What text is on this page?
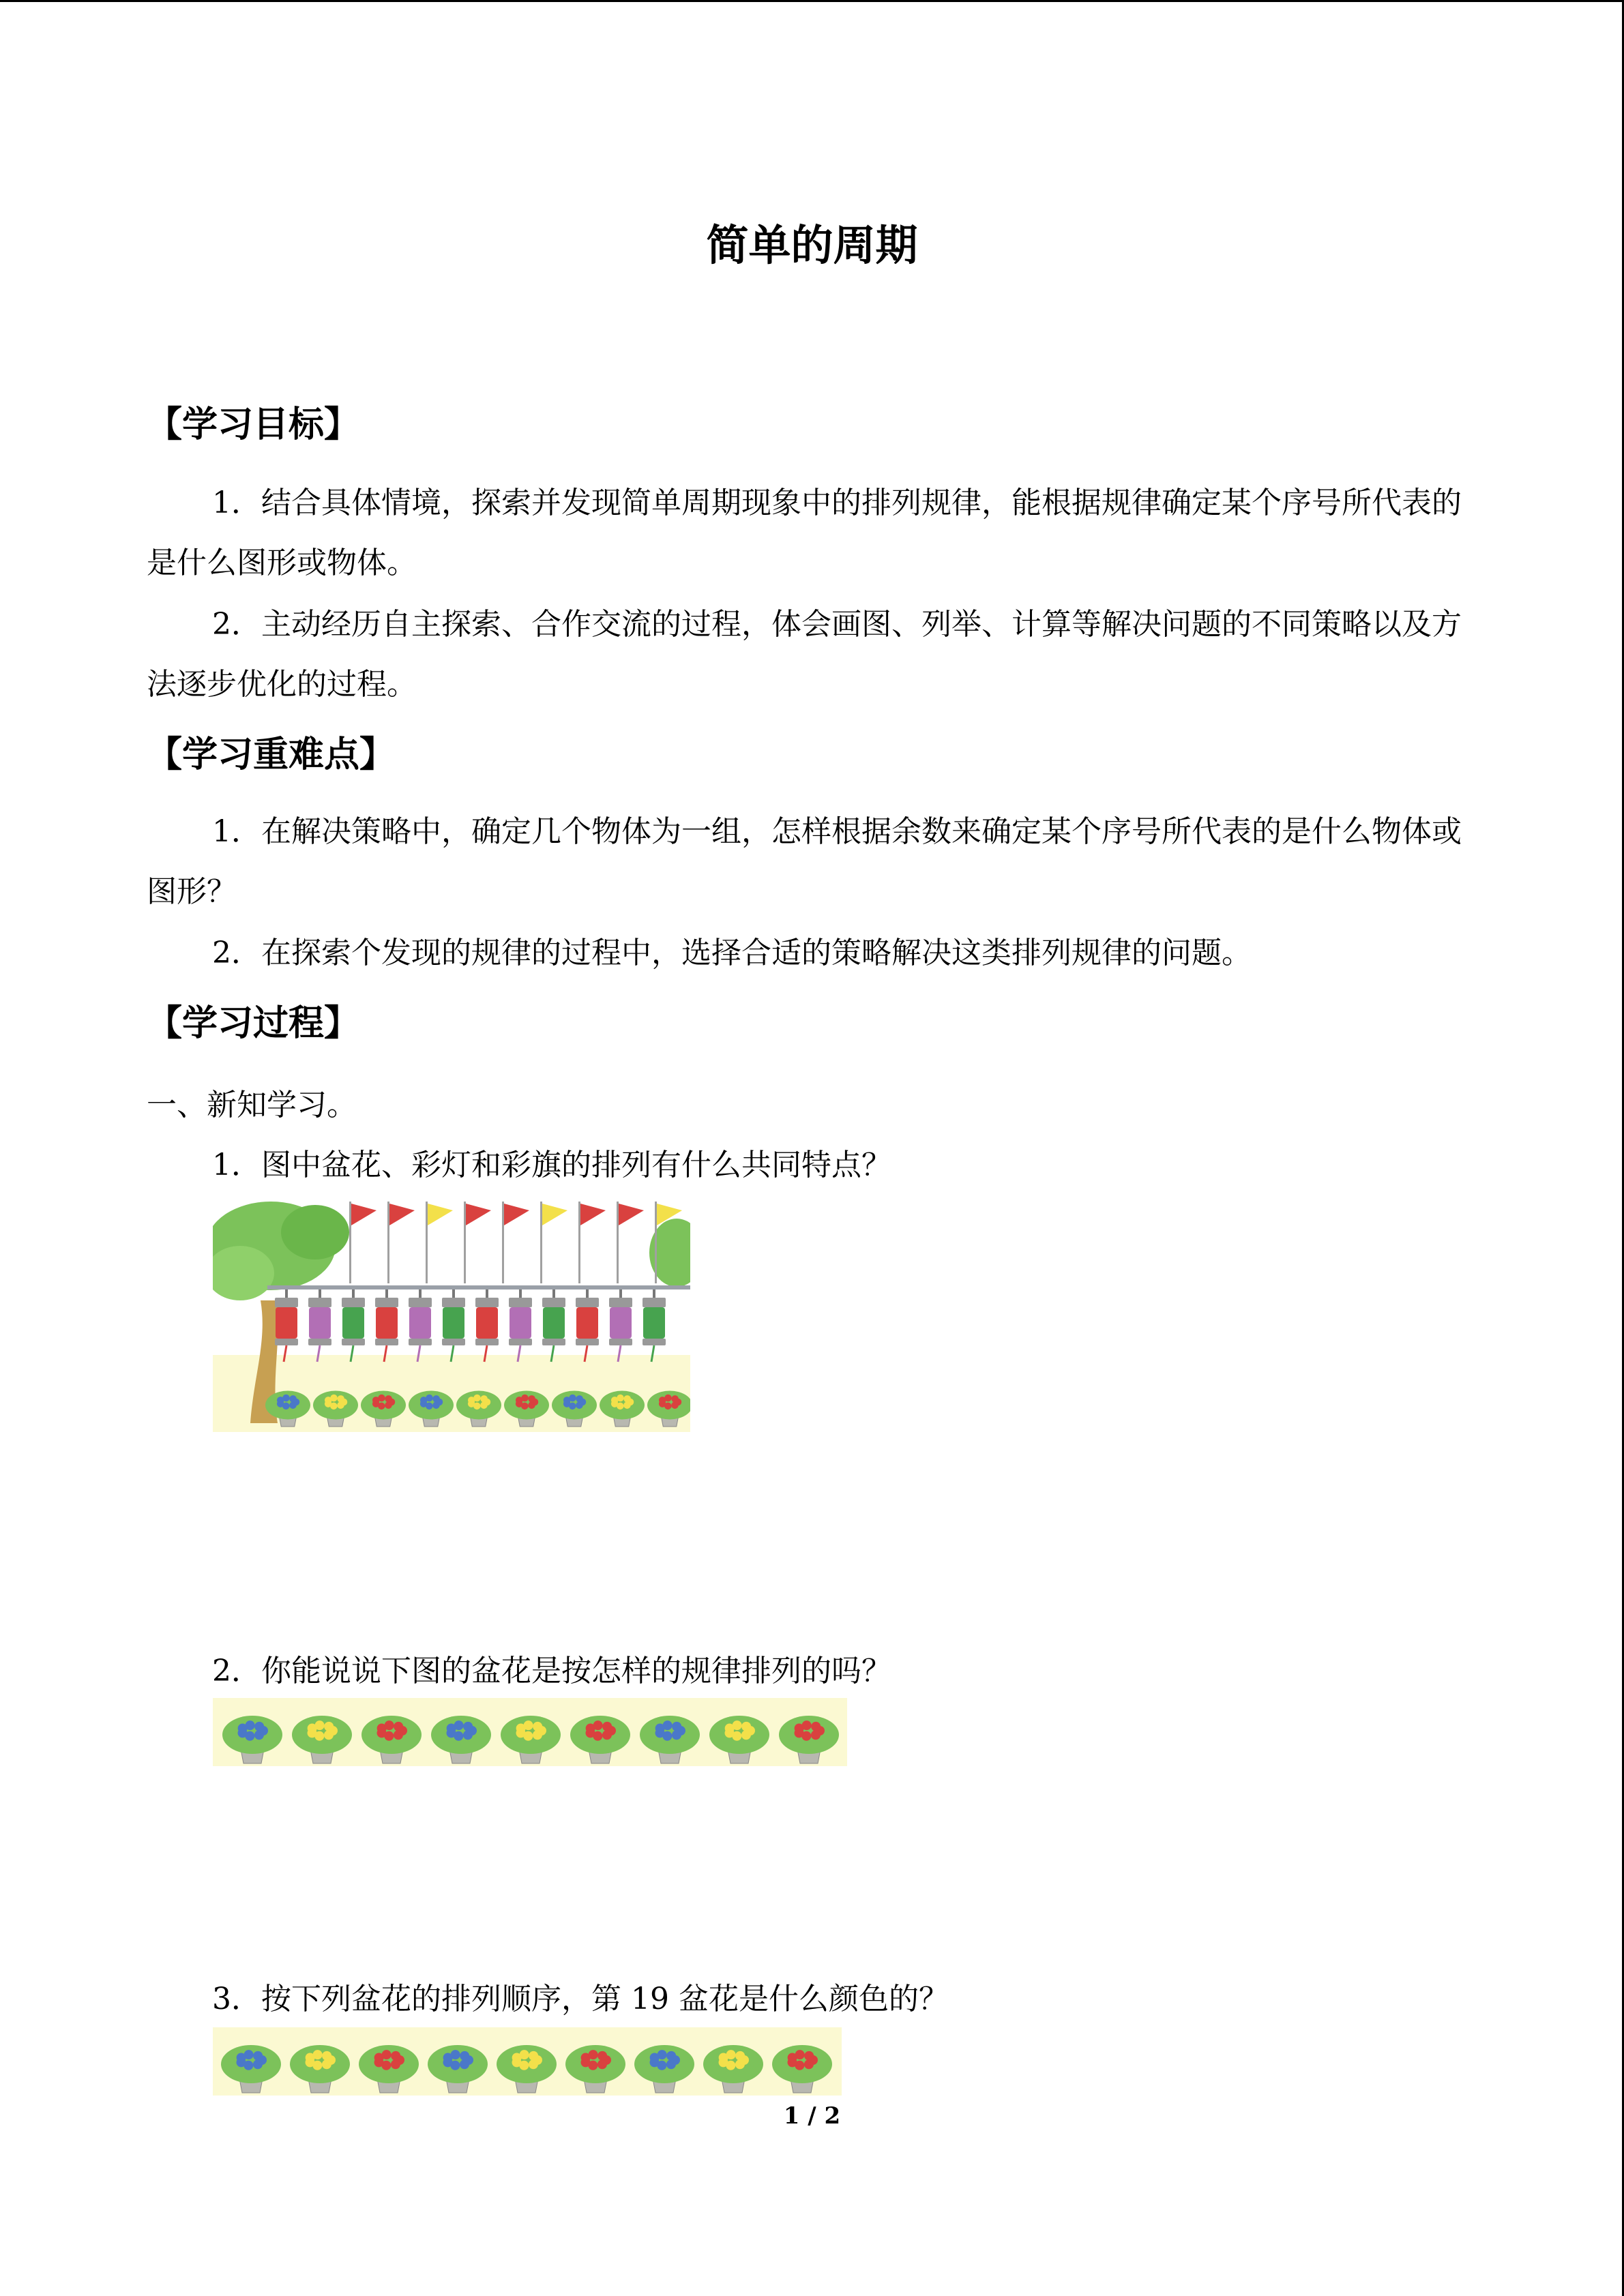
简单的周期
【学习目标】
1．结合具体情境，探索并发现简单周期现象中的排列规律，能根据规律确定某个序号所代表的是什么图形或物体。
2．主动经历自主探索、合作交流的过程，体会画图、列举、计算等解决问题的不同策略以及方法逐步优化的过程。
【学习重难点】
1．在解决策略中，确定几个物体为一组，怎样根据余数来确定某个序号所代表的是什么物体或图形？
2．在探索个发现的规律的过程中，选择合适的策略解决这类排列规律的问题。
【学习过程】
一、新知学习。
1．图中盆花、彩灯和彩旗的排列有什么共同特点？
2．你能说说下图的盆花是按怎样的规律排列的吗？
3．按下列盆花的排列顺序，第 19 盆花是什么颜色的？
1 / 2
